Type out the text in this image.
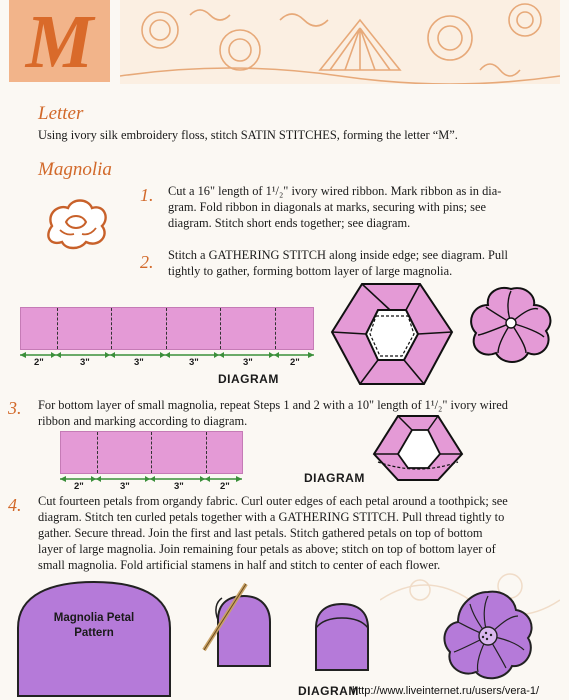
M
Letter
Using ivory silk embroidery floss, stitch SATIN STITCHES, forming the letter “M”.
Magnolia
1. Cut a 16" length of 1¹/₂" ivory wired ribbon. Mark ribbon as in dia-
gram. Fold ribbon in diagonals at marks, securing with pins; see
diagram. Stitch short ends together; see diagram.
2. Stitch a GATHERING STITCH along inside edge; see diagram. Pull
tightly to gather, forming bottom layer of large magnolia.
2"	3"	3"	3"	3"	2"
DIAGRAM
3. For bottom layer of small magnolia, repeat Steps 1 and 2 with a 10" length of 1¹/₂" ivory wired
ribbon and marking according to diagram.
2"	3"	3"	2"
DIAGRAM
4. Cut fourteen petals from organdy fabric. Curl outer edges of each petal around a toothpick; see
diagram. Stitch ten curled petals together with a GATHERING STITCH. Pull thread tightly to
gather. Secure thread. Join the first and last petals. Stitch gathered petals on top of bottom
layer of large magnolia. Join remaining four petals as above; stitch on top of bottom layer of
small magnolia. Fold artificial stamens in half and stitch to center of each flower.
Magnolia Petal
Pattern
DIAGRAM
http://www.liveinternet.ru/users/vera-1/
